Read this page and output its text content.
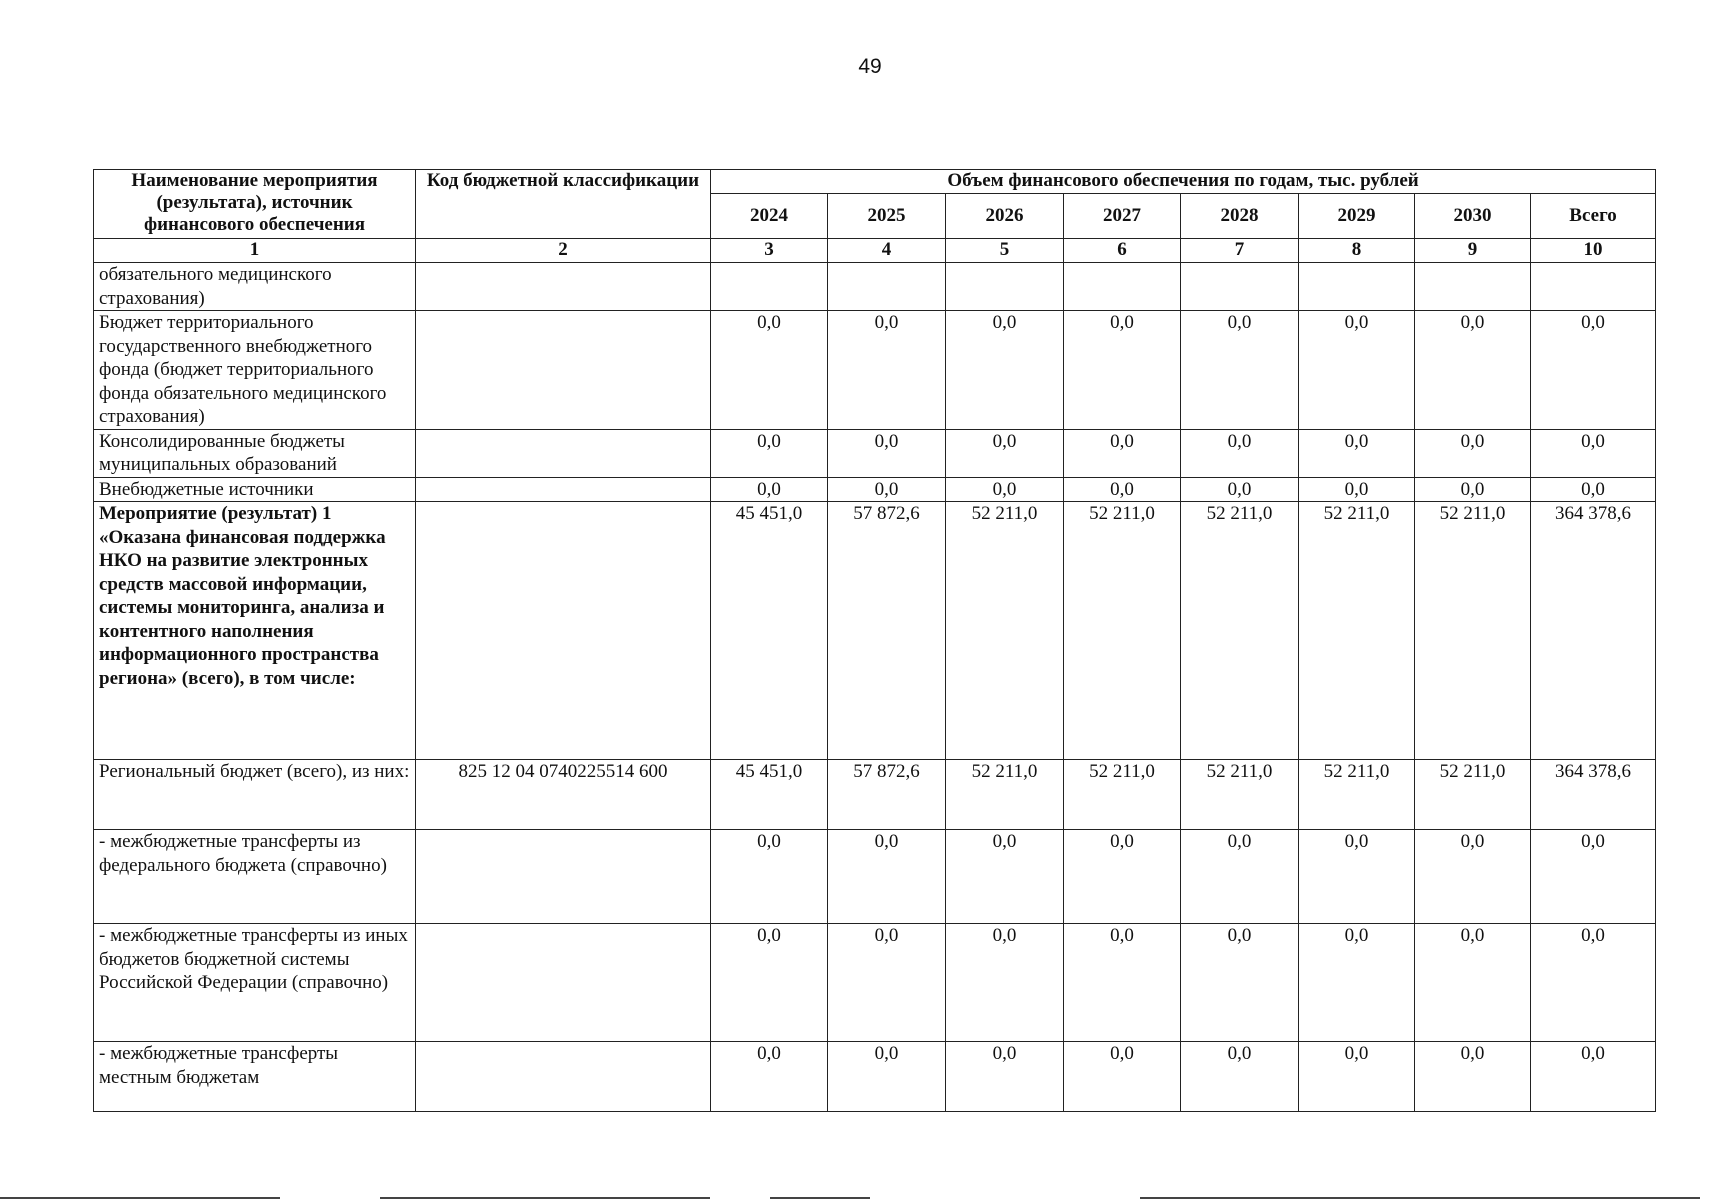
49
Наименование мероприятия (результата), источник финансового обеспечения	Код бюджетной классификации	Объем финансового обеспечения по годам, тыс. рублей							
		2024	2025	2026	2027	2028	2029	2030	Всего
1	2	3	4	5	6	7	8	9	10
обязательного медицинского страхования)									
Бюджет территориального государственного внебюджетного фонда (бюджет территориального фонда обязательного медицинского страхования)		0,0	0,0	0,0	0,0	0,0	0,0	0,0	0,0
Консолидированные бюджеты муниципальных образований		0,0	0,0	0,0	0,0	0,0	0,0	0,0	0,0
Внебюджетные источники		0,0	0,0	0,0	0,0	0,0	0,0	0,0	0,0
Мероприятие (результат) 1 «Оказана финансовая поддержка НКО на развитие электронных средств массовой информации, системы мониторинга, анализа и контентного наполнения информационного пространства региона» (всего), в том числе:		45 451,0	57 872,6	52 211,0	52 211,0	52 211,0	52 211,0	52 211,0	364 378,6
Региональный бюджет (всего), из них:	825 12 04 0740225514 600	45 451,0	57 872,6	52 211,0	52 211,0	52 211,0	52 211,0	52 211,0	364 378,6
- межбюджетные трансферты из федерального бюджета (справочно)		0,0	0,0	0,0	0,0	0,0	0,0	0,0	0,0
- межбюджетные трансферты из иных бюджетов бюджетной системы Российской Федерации (справочно)		0,0	0,0	0,0	0,0	0,0	0,0	0,0	0,0
- межбюджетные трансферты местным бюджетам		0,0	0,0	0,0	0,0	0,0	0,0	0,0	0,0
